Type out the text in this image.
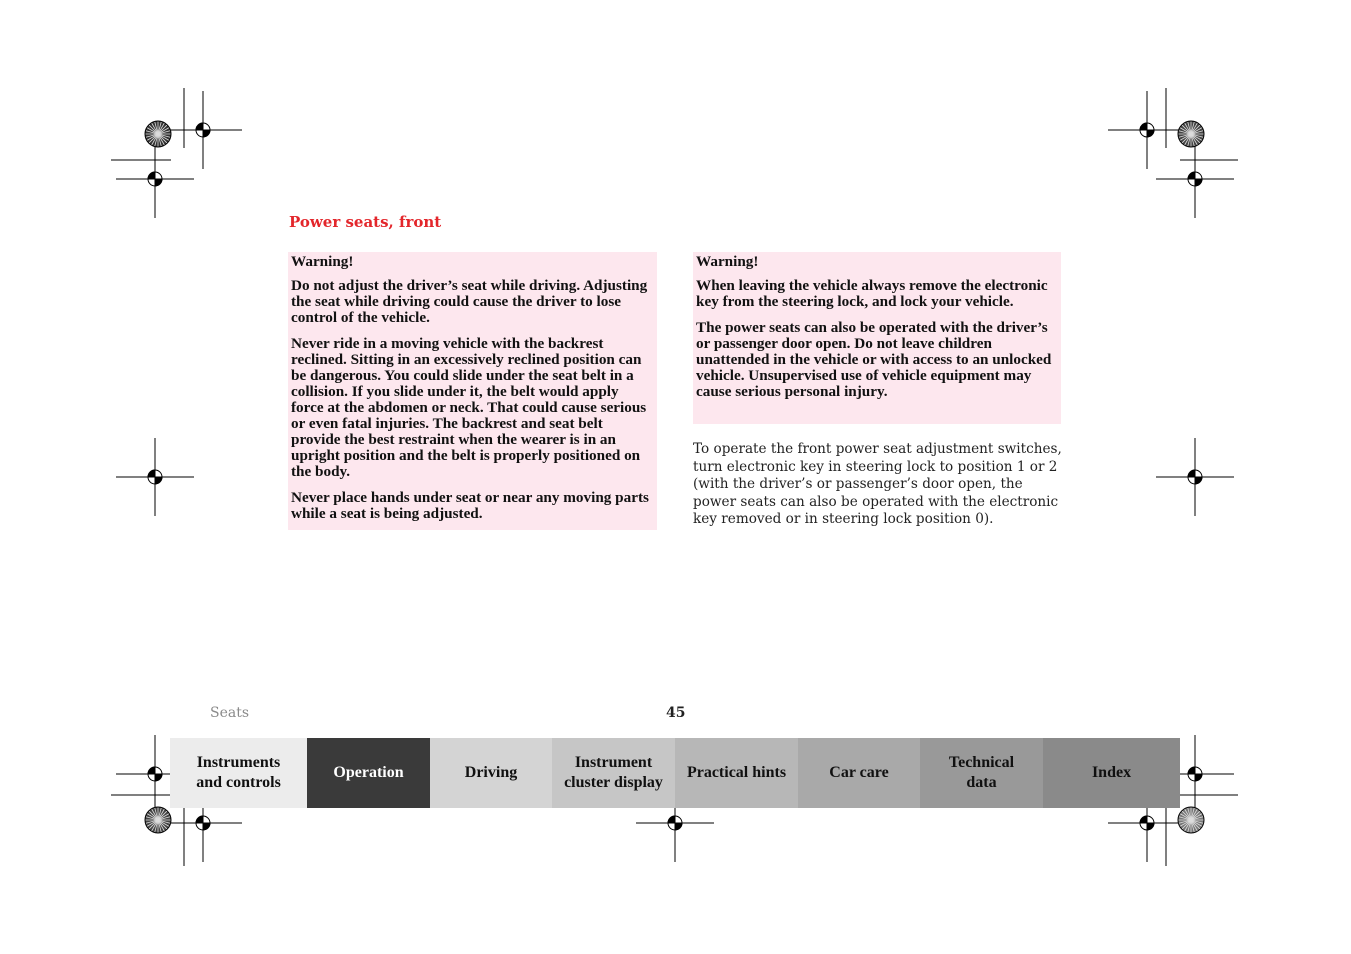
Power seats, front

Warning!

Do not adjust the driver’s seat while driving. Adjusting the seat while driving could cause the driver to lose control of the vehicle.

Never ride in a moving vehicle with the backrest reclined. Sitting in an excessively reclined position can be dangerous. You could slide under the seat belt in a collision. If you slide under it, the belt would apply force at the abdomen or neck. That could cause serious or even fatal injuries. The backrest and seat belt provide the best restraint when the wearer is in an upright position and the belt is properly positioned on the body.

Never place hands under seat or near any moving parts while a seat is being adjusted.

Warning!

When leaving the vehicle always remove the electronic key from the steering lock, and lock your vehicle.

The power seats can also be operated with the driver’s or passenger door open. Do not leave children unattended in the vehicle or with access to an unlocked vehicle. Unsupervised use of vehicle equipment may cause serious personal injury.

To operate the front power seat adjustment switches, turn electronic key in steering lock to position 1 or 2 (with the driver’s or passenger’s door open, the power seats can also be operated with the electronic key removed or in steering lock position 0).
Seats	45
Instruments
and controls
Operation	Driving
Instrument
cluster display
Practical hints	Car care
Technical
data
Index
